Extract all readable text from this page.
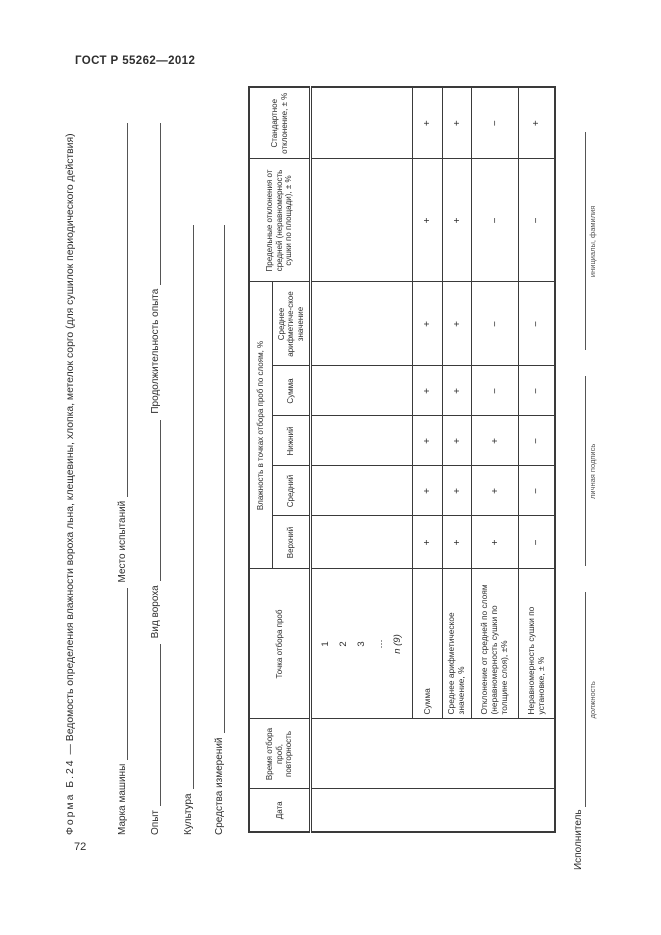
ГОСТ Р 55262—2012
72
Форма Б.24— Ведомость определения влажности вороха льна, клещевины, хлопка, метелок сорго (для сушилок периодического действия)
Марка машины
Место испытаний
Опыт
Вид вороха
Продолжительность опыта
Культура Средства измерений	Дата	Время отбора проб, повторность	Точка отбора проб	Влажность в точках отбора проб по слоям, %					Предельные отклонения от средней (неравномерность сушки по площади), ± %	Стандартное отклонение, ± %
			Верхний	Средний	Нижний	Сумма	Среднее арифметиче-ское значение		

		1 2 3 … n (9)							

		Сумма	+	+	+	+	+	+	+
		Среднее арифметическое значение, %	+	+	+	+	+	+	+
		Отклонение от средней по слоям (неравномерность сушки по толщине слоя), ±%	+	+	+	−	−	−	−
		Неравномерность сушки по установке, ± %	−	−	−	−	−	−	+
Исполнитель
должность
личная подпись
инициалы, фамилия
